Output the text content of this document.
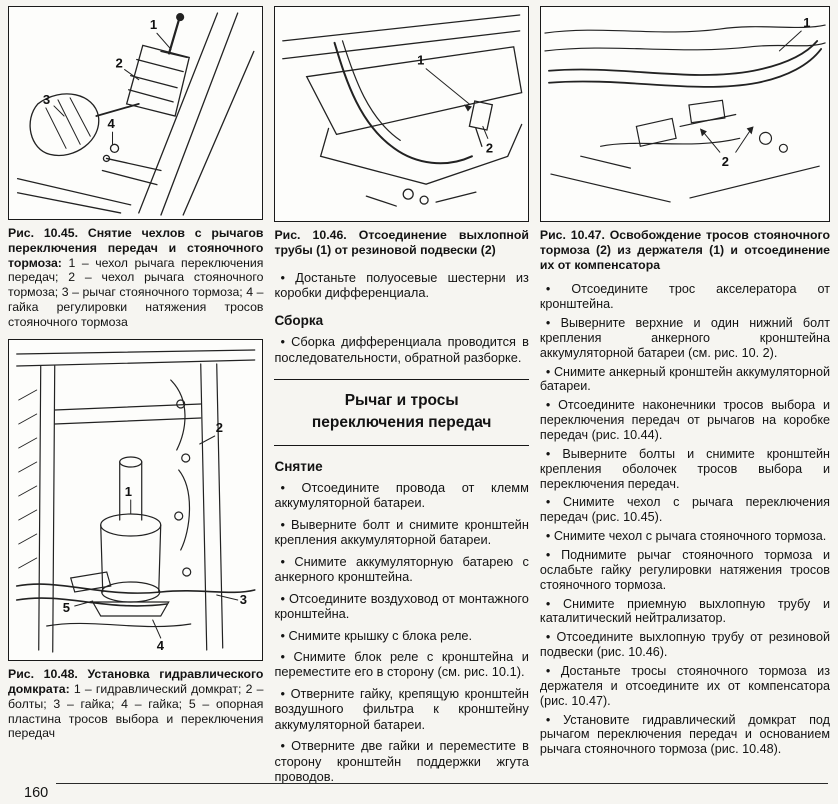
1
2
3
4

Рис. 10.45. Снятие чехлов с рычагов переключения передач и стояночного тормоза: 1 – чехол рычага переключения передач; 2 – чехол рычага стояночного тормоза; 3 – рычаг стояночного тормоза; 4 – гайка регулировки натяжения тросов стояночного тормоза

1
2
3
4
5

Рис. 10.48. Установка гидравлического домкрата: 1 – гидравлический домкрат; 2 – болты; 3 – гайка; 4 – гайка; 5 – опорная пластина тросов выбора и переключения передач

1
2

Рис. 10.46. Отсоединение выхлопной трубы (1) от резиновой подвески (2)

• Достаньте полуосевые шестерни из коробки дифференциала.

Сборка

• Сборка дифференциала проводится в последовательности, обратной разборке.

Рычаг и тросы
переключения передач
Снятие

• Отсоедините провода от клемм аккумуляторной батареи.

• Выверните болт и снимите кронштейн крепления аккумуляторной батареи.

• Снимите аккумуляторную батарею с анкерного кронштейна.

• Отсоедините воздуховод от монтажного кронштейна.

• Снимите крышку с блока реле.

• Снимите блок реле с кронштейна и переместите его в сторону (см. рис. 10.1).

• Отверните гайку, крепящую кронштейн воздушного фильтра к кронштейну аккумуляторной батареи.

• Отверните две гайки и переместите в сторону кронштейн поддержки жгута проводов.

1
2

Рис. 10.47. Освобождение тросов стояночного тормоза (2) из держателя (1) и отсоединение их от компенсатора

• Отсоедините трос акселератора от кронштейна.

• Выверните верхние и один нижний болт крепления анкерного кронштейна аккумуляторной батареи (см. рис. 10. 2).

• Снимите анкерный кронштейн аккумуляторной батареи.

• Отсоедините наконечники тросов выбора и переключения передач от рычагов на коробке передач (рис. 10.44).

• Выверните болты и снимите кронштейн крепления оболочек тросов выбора и переключения передач.

• Снимите чехол с рычага переключения передач (рис. 10.45).

• Снимите чехол с рычага стояночного тормоза.

• Поднимите рычаг стояночного тормоза и ослабьте гайку регулировки натяжения тросов стояночного тормоза.

• Снимите приемную выхлопную трубу и каталитический нейтрализатор.

• Отсоедините выхлопную трубу от резиновой подвески (рис. 10.46).

• Достаньте тросы стояночного тормоза из держателя и отсоедините их от компенсатора (рис. 10.47).

• Установите гидравлический домкрат под рычагом переключения передач и основанием рычага стояночного тормоза (рис. 10.48).

160
